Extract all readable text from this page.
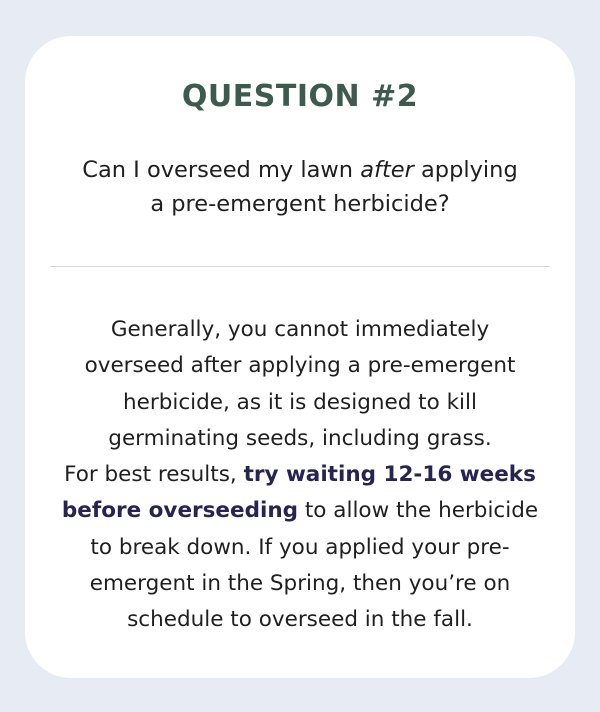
QUESTION #2
Can I overseed my lawn after applying
a pre-emergent herbicide?
Generally, you cannot immediately
overseed after applying a pre-emergent
herbicide, as it is designed to kill
germinating seeds, including grass.
For best results, try waiting 12-16 weeks
before overseeding to allow the herbicide
to break down. If you applied your pre-
emergent in the Spring, then you’re on
schedule to overseed in the fall.
